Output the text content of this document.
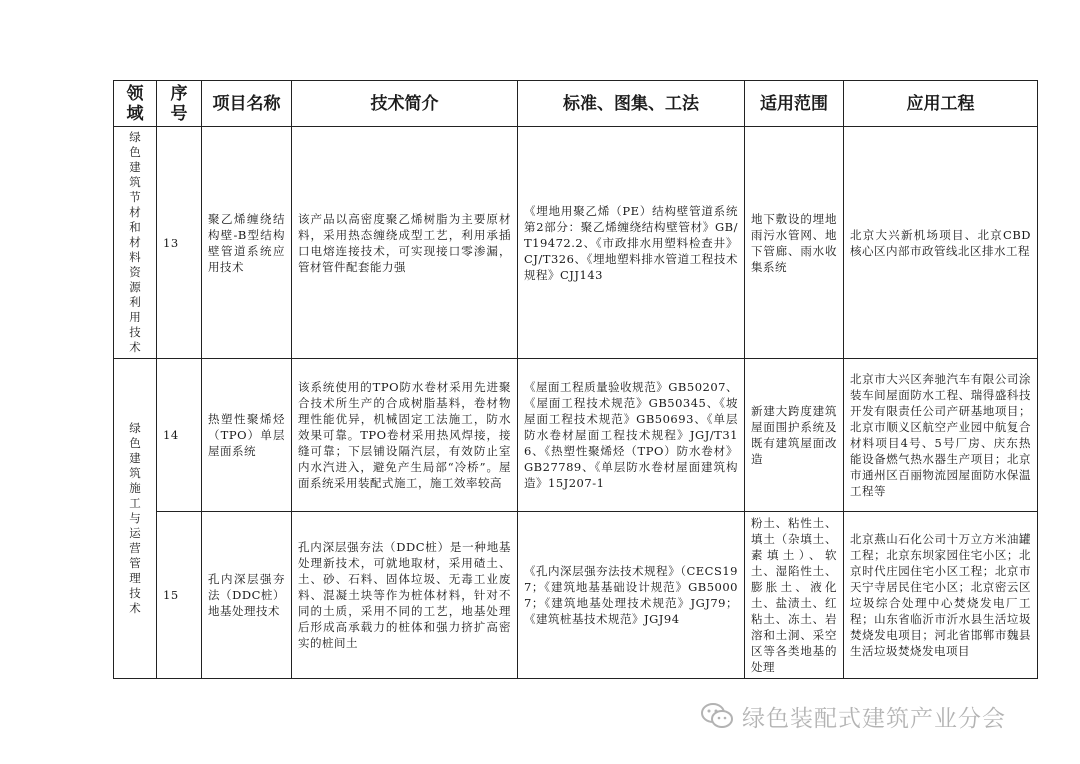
领域	序号	项目名称	技术简介	标准、图集、工法	适用范围	应用工程

绿色建筑节材和材料资源利用技术	13	聚乙烯缠绕结构壁-B型结构壁管道系统应用技术	该产品以高密度聚乙烯树脂为主要原材料，采用热态缠绕成型工艺，利用承插口电熔连接技术，可实现接口零渗漏，管材管件配套能力强	《埋地用聚乙烯（PE）结构壁管道系统第2部分：聚乙烯缠绕结构壁管材》GB/T19472.2、《市政排水用塑料检查井》CJ/T326、《埋地塑料排水管道工程技术规程》CJJ143	地下敷设的埋地雨污水管网、地下管廊、雨水收集系统	北京大兴新机场项目、北京CBD核心区内部市政管线北区排水工程

绿色建筑施工与运营管理技术	14	热塑性聚烯烃（TPO）单层屋面系统	该系统使用的TPO防水卷材采用先进聚合技术所生产的合成树脂基料，卷材物理性能优异，机械固定工法施工，防水效果可靠。TPO卷材采用热风焊接，接缝可靠；下层铺设隔汽层，有效防止室内水汽进入，避免产生局部“冷桥”。屋面系统采用装配式施工，施工效率较高	《屋面工程质量验收规范》GB50207、《屋面工程技术规范》GB50345、《坡屋面工程技术规范》GB50693、《单层防水卷材屋面工程技术规程》JGJ/T316、《热塑性聚烯烃（TPO）防水卷材》GB27789、《单层防水卷材屋面建筑构造》15J207-1	新建大跨度建筑屋面围护系统及既有建筑屋面改造	北京市大兴区奔驰汽车有限公司涂装车间屋面防水工程、瑞得盛科技开发有限责任公司产研基地项目；北京市顺义区航空产业园中航复合材料项目4号、5号厂房、庆东热能设备燃气热水器生产项目；北京市通州区百丽物流园屋面防水保温工程等
	15	孔内深层强夯法（DDC桩）地基处理技术	孔内深层强夯法（DDC桩）是一种地基处理新技术，可就地取材，采用碴土、土、砂、石料、固体垃圾、无毒工业废料、混凝土块等作为桩体材料，针对不同的土质，采用不同的工艺，地基处理后形成高承载力的桩体和强力挤扩高密实的桩间土	《孔内深层强夯法技术规程》（CECS197；《建筑地基基础设计规范》GB50007；《建筑地基处理技术规范》JGJ79；《建筑桩基技术规范》JGJ94	粉土、粘性土、填土（杂填土、素填土）、软土、湿陷性土、膨胀土、液化土、盐渍土、红粘土、冻土、岩溶和土洞、采空区等各类地基的处理	北京燕山石化公司十万立方米油罐工程；北京东坝家园住宅小区；北京时代庄园住宅小区工程；北京市天宁寺居民住宅小区；北京密云区垃圾综合处理中心焚烧发电厂工程；山东省临沂市沂水县生活垃圾焚烧发电项目；河北省邯郸市魏县生活垃圾焚烧发电项目
绿色装配式建筑产业分会
